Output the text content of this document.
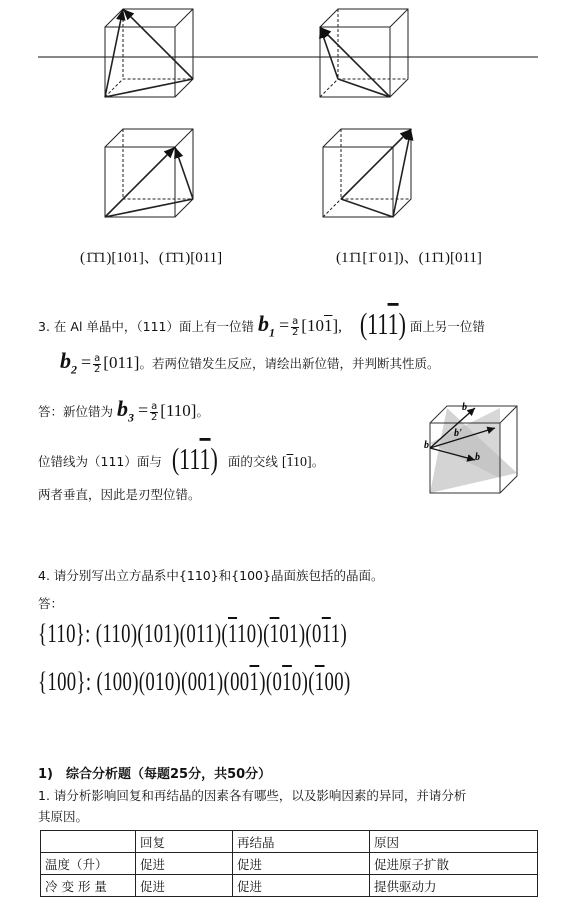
(1̄1̄1)[101]、(1̄1̄1)[011]	(11̄1[1̄ 01])、(11̄1)[011]
3. 在 Al 单晶中，（111）面上有一位错 $b_1 = \frac{a}{2} [101]$, (111) 面上另一位错
$b_2 = \frac{a}{2} [011]$。若两位错发生反应，请绘出新位错，并判断其性质。
答：新位错为 $b_3 = \frac{a}{2} [110]$。
位错线为（111）面与 (111) 面的交线 [110]。
两者垂直，因此是刃型位错。
b
b
b'
b
4. 请分别写出立方晶系中{110}和{100}晶面族包括的晶面。
答：
{110}: (110)(101)(011)(110)(101)(011)
{100}: (100)(010)(001)(001)(010)(100)
1)　综合分析题（每题25分，共50分）
1. 请分析影响回复和再结晶的因素各有哪些，以及影响因素的异同，并请分析
其原因。
	回复	再结晶	原因
温度（升）	促进	促进	促进原子扩散
冷 变 形 量	促进	促进	提供驱动力
